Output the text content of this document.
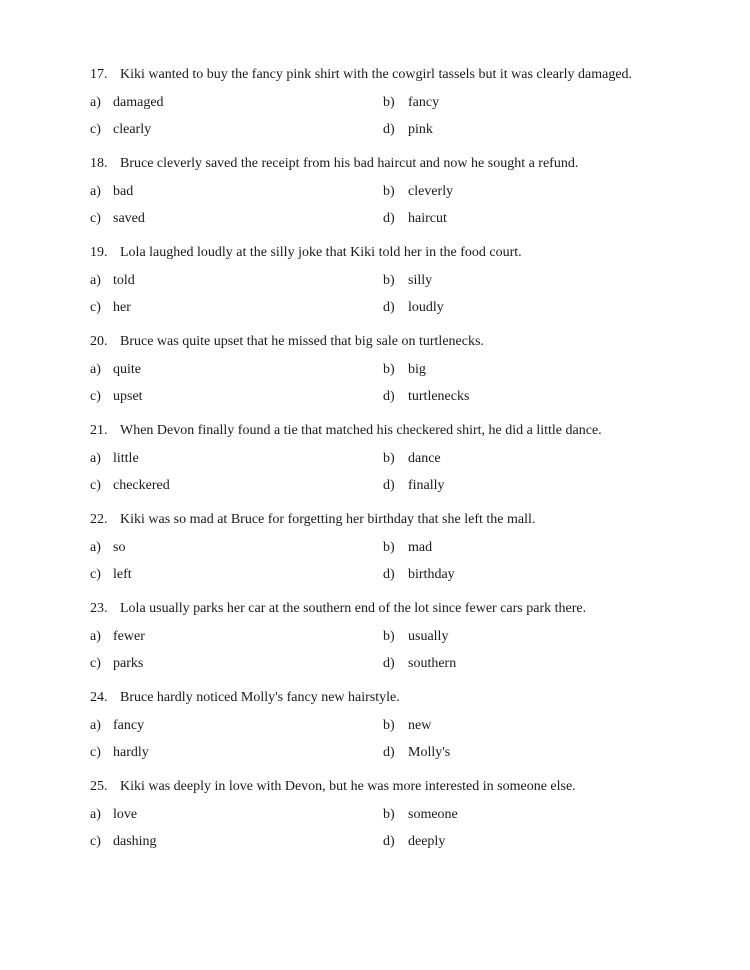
17. Kiki wanted to buy the fancy pink shirt with the cowgirl tassels but it was clearly damaged.
a) damaged	b) fancy
c) clearly	d) pink
18. Bruce cleverly saved the receipt from his bad haircut and now he sought a refund.
a) bad	b) cleverly
c) saved	d) haircut
19. Lola laughed loudly at the silly joke that Kiki told her in the food court.
a) told	b) silly
c) her	d) loudly
20. Bruce was quite upset that he missed that big sale on turtlenecks.
a) quite	b) big
c) upset	d) turtlenecks
21. When Devon finally found a tie that matched his checkered shirt, he did a little dance.
a) little	b) dance
c) checkered	d) finally
22. Kiki was so mad at Bruce for forgetting her birthday that she left the mall.
a) so	b) mad
c) left	d) birthday
23. Lola usually parks her car at the southern end of the lot since fewer cars park there.
a) fewer	b) usually
c) parks	d) southern
24. Bruce hardly noticed Molly's fancy new hairstyle.
a) fancy	b) new
c) hardly	d) Molly's
25. Kiki was deeply in love with Devon, but he was more interested in someone else.
a) love	b) someone
c) dashing	d) deeply
